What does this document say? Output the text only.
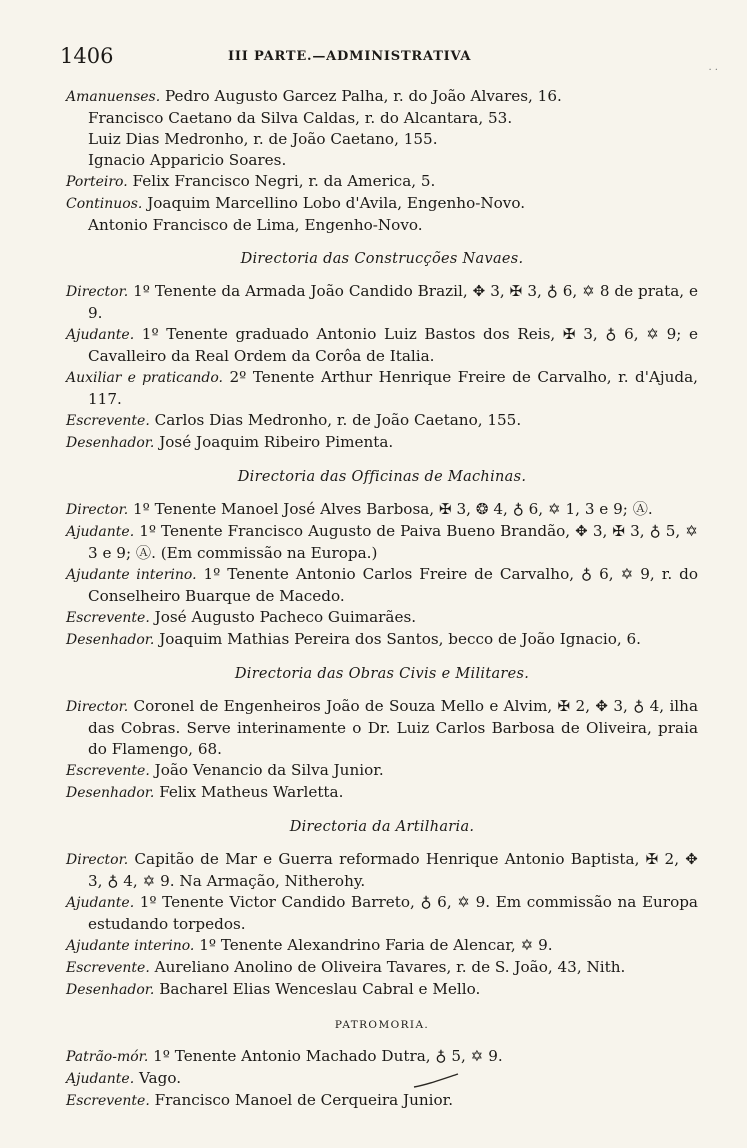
1406	III PARTE.—ADMINISTRATIVA
. .

Amanuenses. Pedro Augusto Garcez Palha, r. do João Alvares, 16.

Francisco Caetano da Silva Caldas, r. do Alcantara, 53.

Luiz Dias Medronho, r. de João Caetano, 155.

Ignacio Apparicio Soares.

Porteiro. Felix Francisco Negri, r. da America, 5.

Continuos. Joaquim Marcellino Lobo d'Avila, Engenho-Novo.

Antonio Francisco de Lima, Engenho-Novo.

Directoria das Construcções Navaes.

Director. 1º Tenente da Armada João Candido Brazil, ✥ 3, ✠ 3, ♁ 6, ✡ 8 de prata, e 9.

Ajudante. 1º Tenente graduado Antonio Luiz Bastos dos Reis, ✠ 3, ♁ 6, ✡ 9; e Cavalleiro da Real Ordem da Corôa de Italia.

Auxiliar e praticando. 2º Tenente Arthur Henrique Freire de Carvalho, r. d'Ajuda, 117.

Escrevente. Carlos Dias Medronho, r. de João Caetano, 155.

Desenhador. José Joaquim Ribeiro Pimenta.

Directoria das Officinas de Machinas.

Director. 1º Tenente Manoel José Alves Barbosa, ✠ 3, ❂ 4, ♁ 6, ✡ 1, 3 e 9; Ⓐ.

Ajudante. 1º Tenente Francisco Augusto de Paiva Bueno Brandão, ✥ 3, ✠ 3, ♁ 5, ✡ 3 e 9; Ⓐ. (Em commissão na Europa.)

Ajudante interino. 1º Tenente Antonio Carlos Freire de Carvalho, ♁ 6, ✡ 9, r. do Conselheiro Buarque de Macedo.

Escrevente. José Augusto Pacheco Guimarães.

Desenhador. Joaquim Mathias Pereira dos Santos, becco de João Ignacio, 6.

Directoria das Obras Civis e Militares.

Director. Coronel de Engenheiros João de Souza Mello e Alvim, ✠ 2, ✥ 3, ♁ 4, ilha das Cobras. Serve interinamente o Dr. Luiz Carlos Barbosa de Oliveira, praia do Flamengo, 68.

Escrevente. João Venancio da Silva Junior.

Desenhador. Felix Matheus Warletta.

Directoria da Artilharia.

Director. Capitão de Mar e Guerra reformado Henrique Antonio Baptista, ✠ 2, ✥ 3, ♁ 4, ✡ 9. Na Armação, Nitherohy.

Ajudante. 1º Tenente Victor Candido Barreto, ♁ 6, ✡ 9. Em commissão na Europa estudando torpedos.

Ajudante interino. 1º Tenente Alexandrino Faria de Alencar, ✡ 9.

Escrevente. Aureliano Anolino de Oliveira Tavares, r. de S. João, 43, Nith.

Desenhador. Bacharel Elias Wenceslau Cabral e Mello.

PATROMORIA.

Patrão-mór. 1º Tenente Antonio Machado Dutra, ♁ 5, ✡ 9.

Ajudante. Vago.

Escrevente. Francisco Manoel de Cerqueira Junior.
